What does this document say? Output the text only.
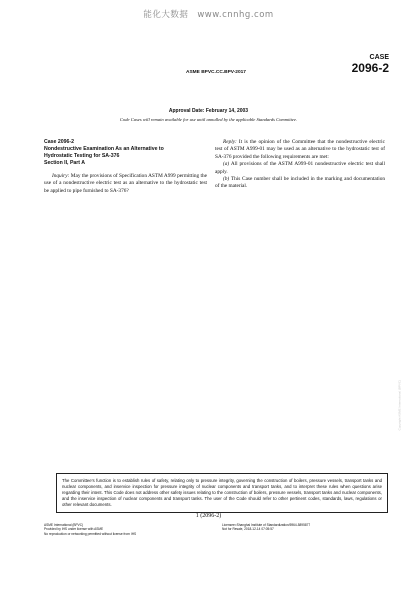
能化大数据　www.cnnhg.com
CASE
2096-2
ASME BPVC.CC.BPV-2017
Approval Date: February 14, 2003
Code Cases will remain available for use until annulled by the applicable Standards Committee.

Case 2096-2
Nondestructive Examination As an Alternative to
Hydrostatic Testing for SA-376
Section II, Part A

Inquiry: May the provisions of Specification ASTM A999 permitting the use of a nondestructive electric test as an alternative to the hydrostatic test be applied to pipe furnished to SA-376?

Reply: It is the opinion of the Committee that the nondestructive electric test of ASTM A999-01 may be used as an alternative to the hydrostatic test of SA-376 provided the following requirements are met:

(a) All provisions of the ASTM A999-01 nondestructive electric test shall apply.

(b) This Case number shall be included in the marking and documentation of the material.

Copyright ASME International (BPVC)
The Committee's function is to establish rules of safety, relating only to pressure integrity, governing the construction of boilers, pressure vessels, transport tanks and nuclear components, and inservice inspection for pressure integrity of nuclear components and transport tanks, and to interpret these rules when questions arise regarding their intent. This Code does not address other safety issues relating to the construction of boilers, pressure vessels, transport tanks and nuclear components, and the inservice inspection of nuclear components and transport tanks. The user of the Code should refer to other pertinent codes, standards, laws, regulations or other relevant documents.
1 (2096-2)
ASME International (BPVC)
Provided by IHS under license with ASME
No reproduction or networking permitted without license from IHS
Licensee=Shanghai Institute of Standardization/5964-5895877
Not for Resale, 2018-12-14 07:05:57
